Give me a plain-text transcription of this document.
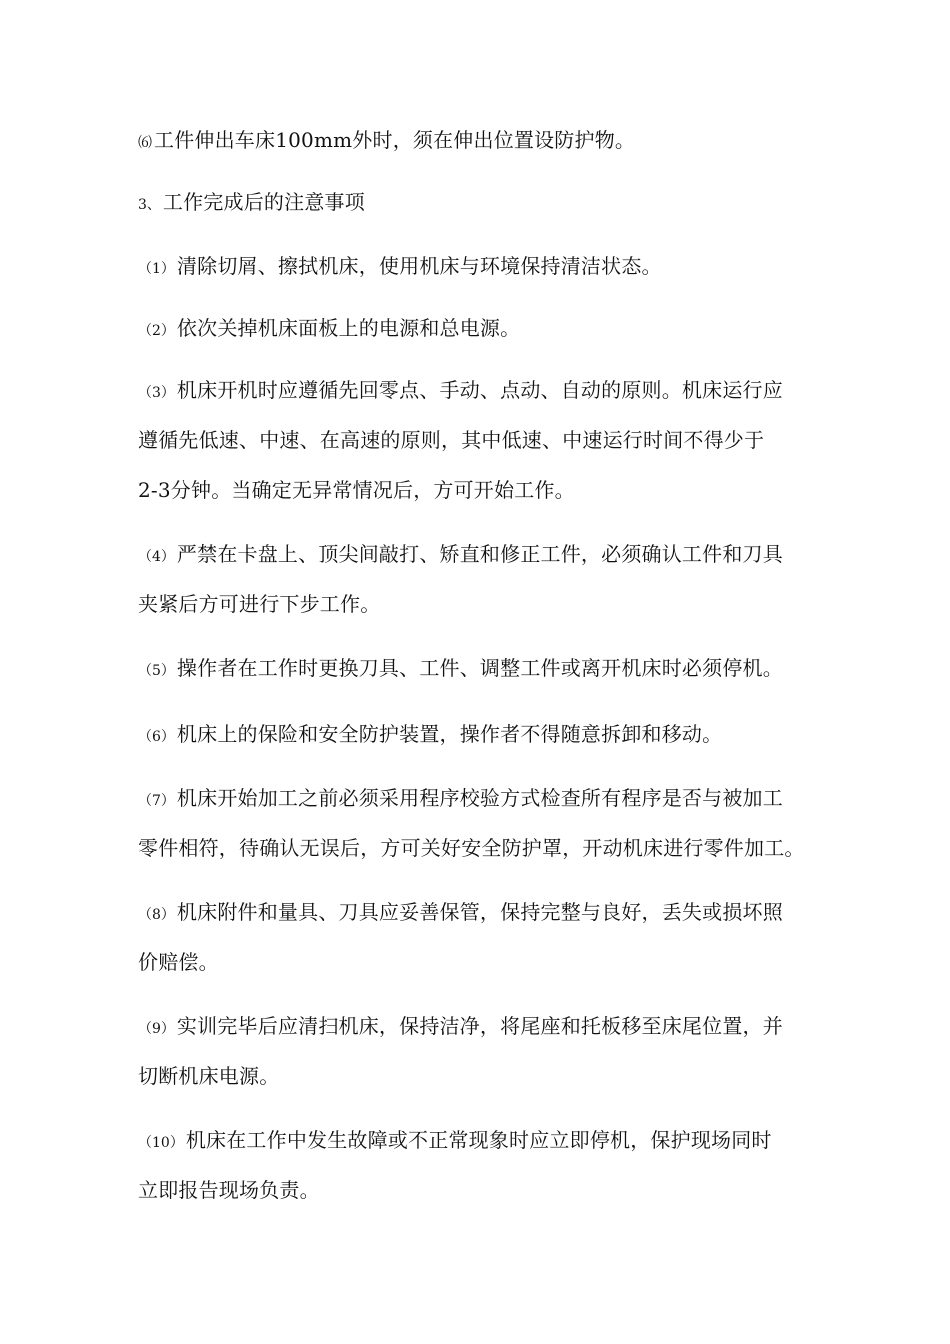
⑹ 工件伸出车床100mm外时，须在伸出位置设防护物。
3、 工作完成后的注意事项
（1） 清除切屑、擦拭机床，使用机床与环境保持清洁状态。
（2） 依次关掉机床面板上的电源和总电源。
（3） 机床开机时应遵循先回零点、手动、点动、自动的原则。机床运行应
遵循先低速、中速、在高速的原则，其中低速、中速运行时间不得少于
2-3分钟。当确定无异常情况后，方可开始工作。
（4） 严禁在卡盘上、顶尖间敲打、矫直和修正工件，必须确认工件和刀具
夹紧后方可进行下步工作。
（5） 操作者在工作时更换刀具、工件、调整工件或离开机床时必须停机。
（6） 机床上的保险和安全防护装置，操作者不得随意拆卸和移动。
（7） 机床开始加工之前必须采用程序校验方式检查所有程序是否与被加工
零件相符，待确认无误后，方可关好安全防护罩，开动机床进行零件加工。
（8） 机床附件和量具、刀具应妥善保管，保持完整与良好，丢失或损坏照
价赔偿。
（9） 实训完毕后应清扫机床，保持洁净，将尾座和托板移至床尾位置，并
切断机床电源。
（10） 机床在工作中发生故障或不正常现象时应立即停机，保护现场同时
立即报告现场负责。
